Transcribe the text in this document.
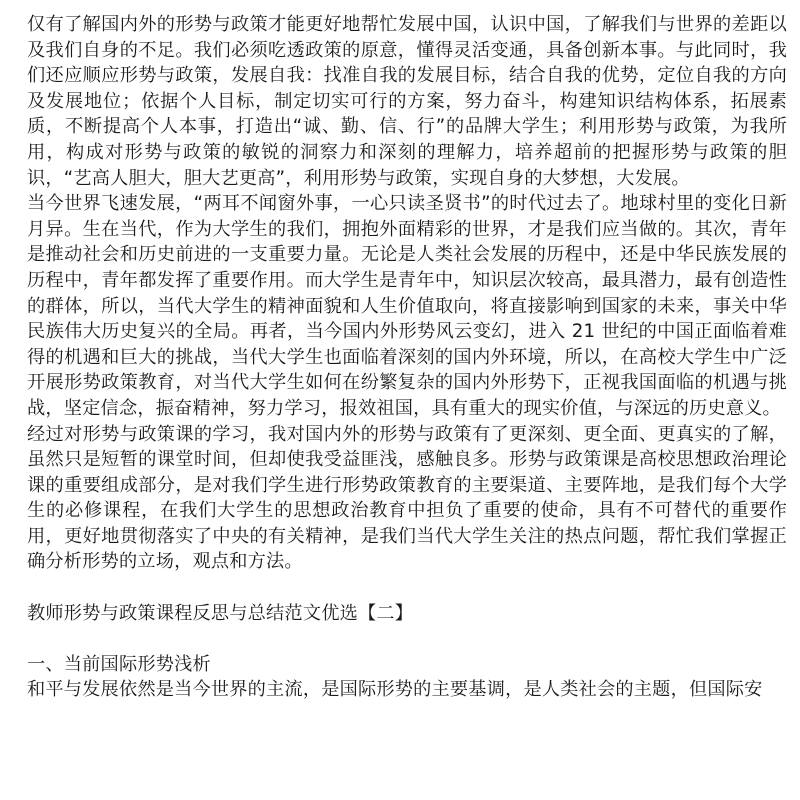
仅有了解国内外的形势与政策才能更好地帮忙发展中国，认识中国，了解我们与世界的差距以及我们自身的不足。我们必须吃透政策的原意，懂得灵活变通，具备创新本事。与此同时，我们还应顺应形势与政策，发展自我：找准自我的发展目标，结合自我的优势，定位自我的方向及发展地位；依据个人目标，制定切实可行的方案，努力奋斗，构建知识结构体系，拓展素质，不断提高个人本事，打造出“诚、勤、信、行”的品牌大学生；利用形势与政策，为我所用，构成对形势与政策的敏锐的洞察力和深刻的理解力，培养超前的把握形势与政策的胆识，“艺高人胆大，胆大艺更高”，利用形势与政策，实现自身的大梦想，大发展。

当今世界飞速发展，“两耳不闻窗外事，一心只读圣贤书”的时代过去了。地球村里的变化日新月异。生在当代，作为大学生的我们，拥抱外面精彩的世界，才是我们应当做的。其次，青年是推动社会和历史前进的一支重要力量。无论是人类社会发展的历程中，还是中华民族发展的历程中，青年都发挥了重要作用。而大学生是青年中，知识层次较高，最具潜力，最有创造性的群体，所以，当代大学生的精神面貌和人生价值取向，将直接影响到国家的未来，事关中华民族伟大历史复兴的全局。再者，当今国内外形势风云变幻，进入 21 世纪的中国正面临着难得的机遇和巨大的挑战，当代大学生也面临着深刻的国内外环境，所以，在高校大学生中广泛开展形势政策教育，对当代大学生如何在纷繁复杂的国内外形势下，正视我国面临的机遇与挑战，坚定信念，振奋精神，努力学习，报效祖国，具有重大的现实价值，与深远的历史意义。

经过对形势与政策课的学习，我对国内外的形势与政策有了更深刻、更全面、更真实的了解，虽然只是短暂的课堂时间，但却使我受益匪浅，感触良多。形势与政策课是高校思想政治理论课的重要组成部分，是对我们学生进行形势政策教育的主要渠道、主要阵地，是我们每个大学生的必修课程，在我们大学生的思想政治教育中担负了重要的使命，具有不可替代的重要作用，更好地贯彻落实了中央的有关精神，是我们当代大学生关注的热点问题，帮忙我们掌握正确分析形势的立场，观点和方法。

教师形势与政策课程反思与总结范文优选【二】

一、当前国际形势浅析

和平与发展依然是当今世界的主流，是国际形势的主要基调，是人类社会的主题，但国际安
